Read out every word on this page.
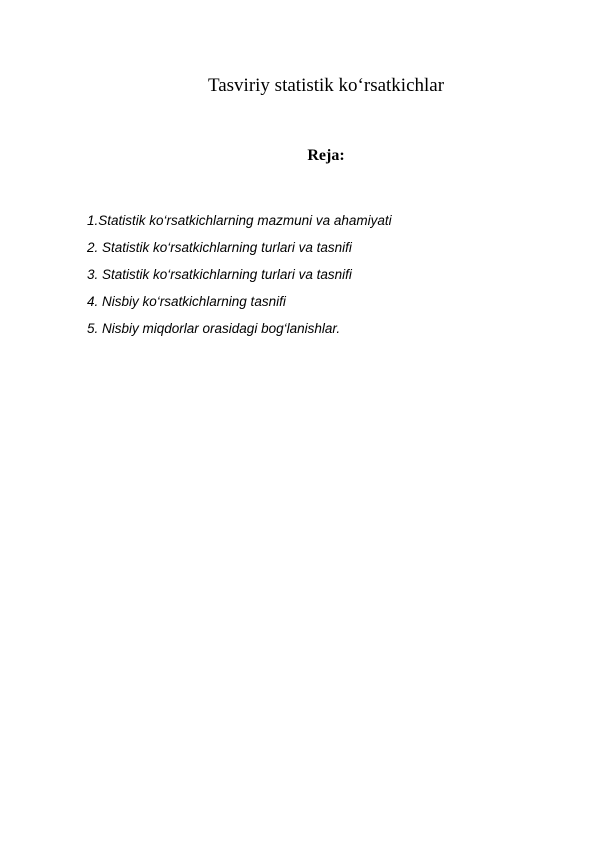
Tasviriy statistik ko‘rsatkichlar
Reja:
1.Statistik ko‘rsatkichlarning mazmuni va ahamiyati
2. Statistik ko‘rsatkichlarning turlari va tasnifi
3. Statistik ko‘rsatkichlarning turlari va tasnifi
4. Nisbiy ko‘rsatkichlarning tasnifi
5. Nisbiy miqdorlar orasidagi bog‘lanishlar.
